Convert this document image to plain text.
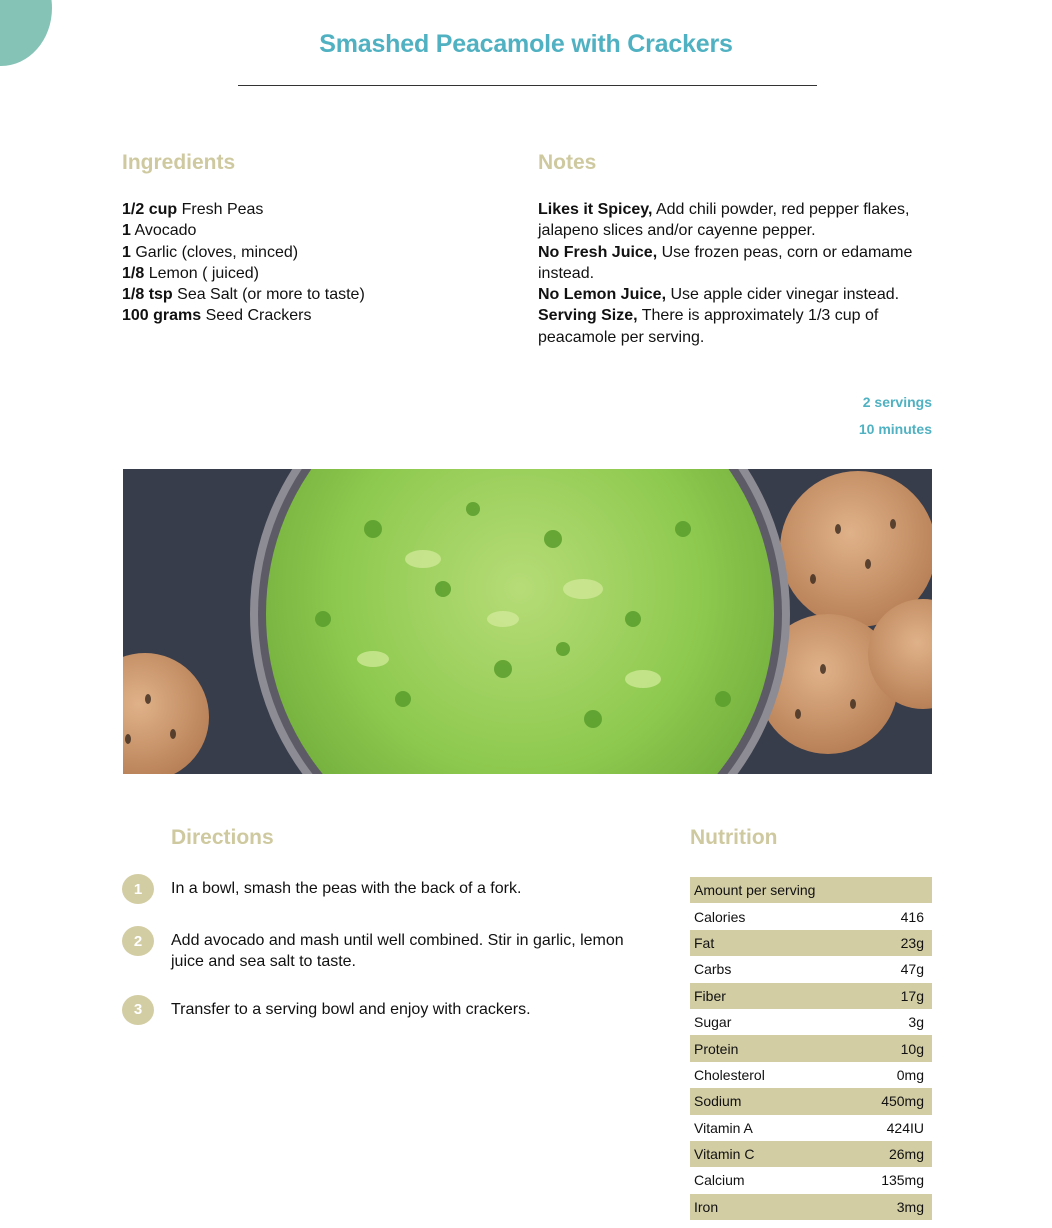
Smashed Peacamole with Crackers
Ingredients
1/2 cup Fresh Peas
1 Avocado
1 Garlic (cloves, minced)
1/8 Lemon ( juiced)
1/8 tsp Sea Salt (or more to taste)
100 grams Seed Crackers
Notes
Likes it Spicey, Add chili powder, red pepper flakes, jalapeno slices and/or cayenne pepper.
No Fresh Juice, Use frozen peas, corn or edamame instead.
No Lemon Juice, Use apple cider vinegar instead.
Serving Size, There is approximately 1/3 cup of peacamole per serving.
2 servings
10 minutes
Directions
1	In a bowl, smash the peas with the back of a fork.
2	Add avocado and mash until well combined. Stir in garlic, lemon juice and sea salt to taste.
3	Transfer to a serving bowl and enjoy with crackers.
Nutrition
Amount per serving	
Calories	416
Fat	23g
Carbs	47g
Fiber	17g
Sugar	3g
Protein	10g
Cholesterol	0mg
Sodium	450mg
Vitamin A	424IU
Vitamin C	26mg
Calcium	135mg
Iron	3mg
